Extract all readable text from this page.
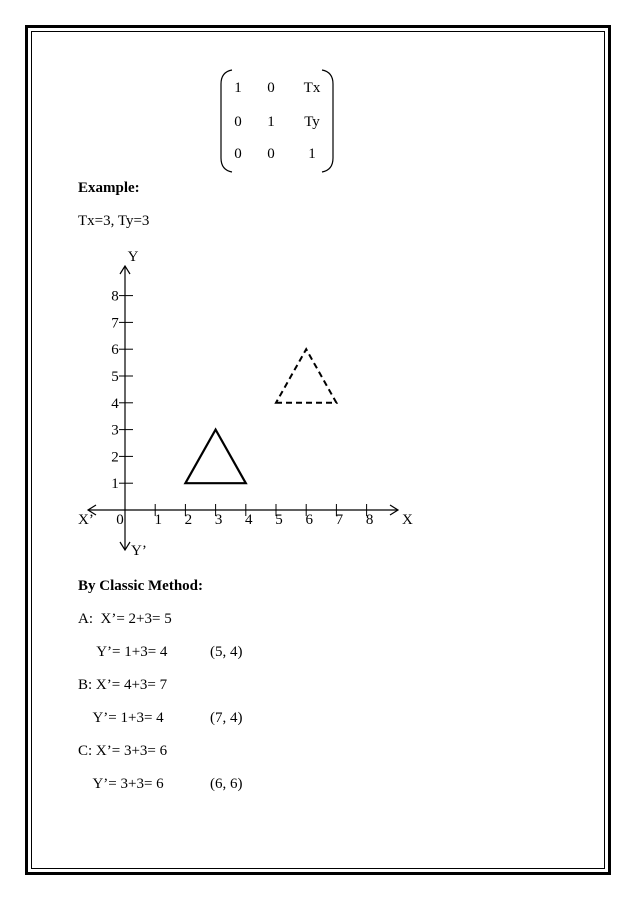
1 0 Tx
0 1 Ty
0 0 1
Example:
Tx=3, Ty=3
Y
Y’
X
X’ 0 1 2 3 4 5 6 7 8
1
2
3
4
5
6
7
8
By Classic Method:
A:  X’= 2+3= 5
Y’= 1+3= 4	(5, 4)
B: X’= 4+3= 7
Y’= 1+3= 4	(7, 4)
C: X’= 3+3= 6
Y’= 3+3= 6	(6, 6)
